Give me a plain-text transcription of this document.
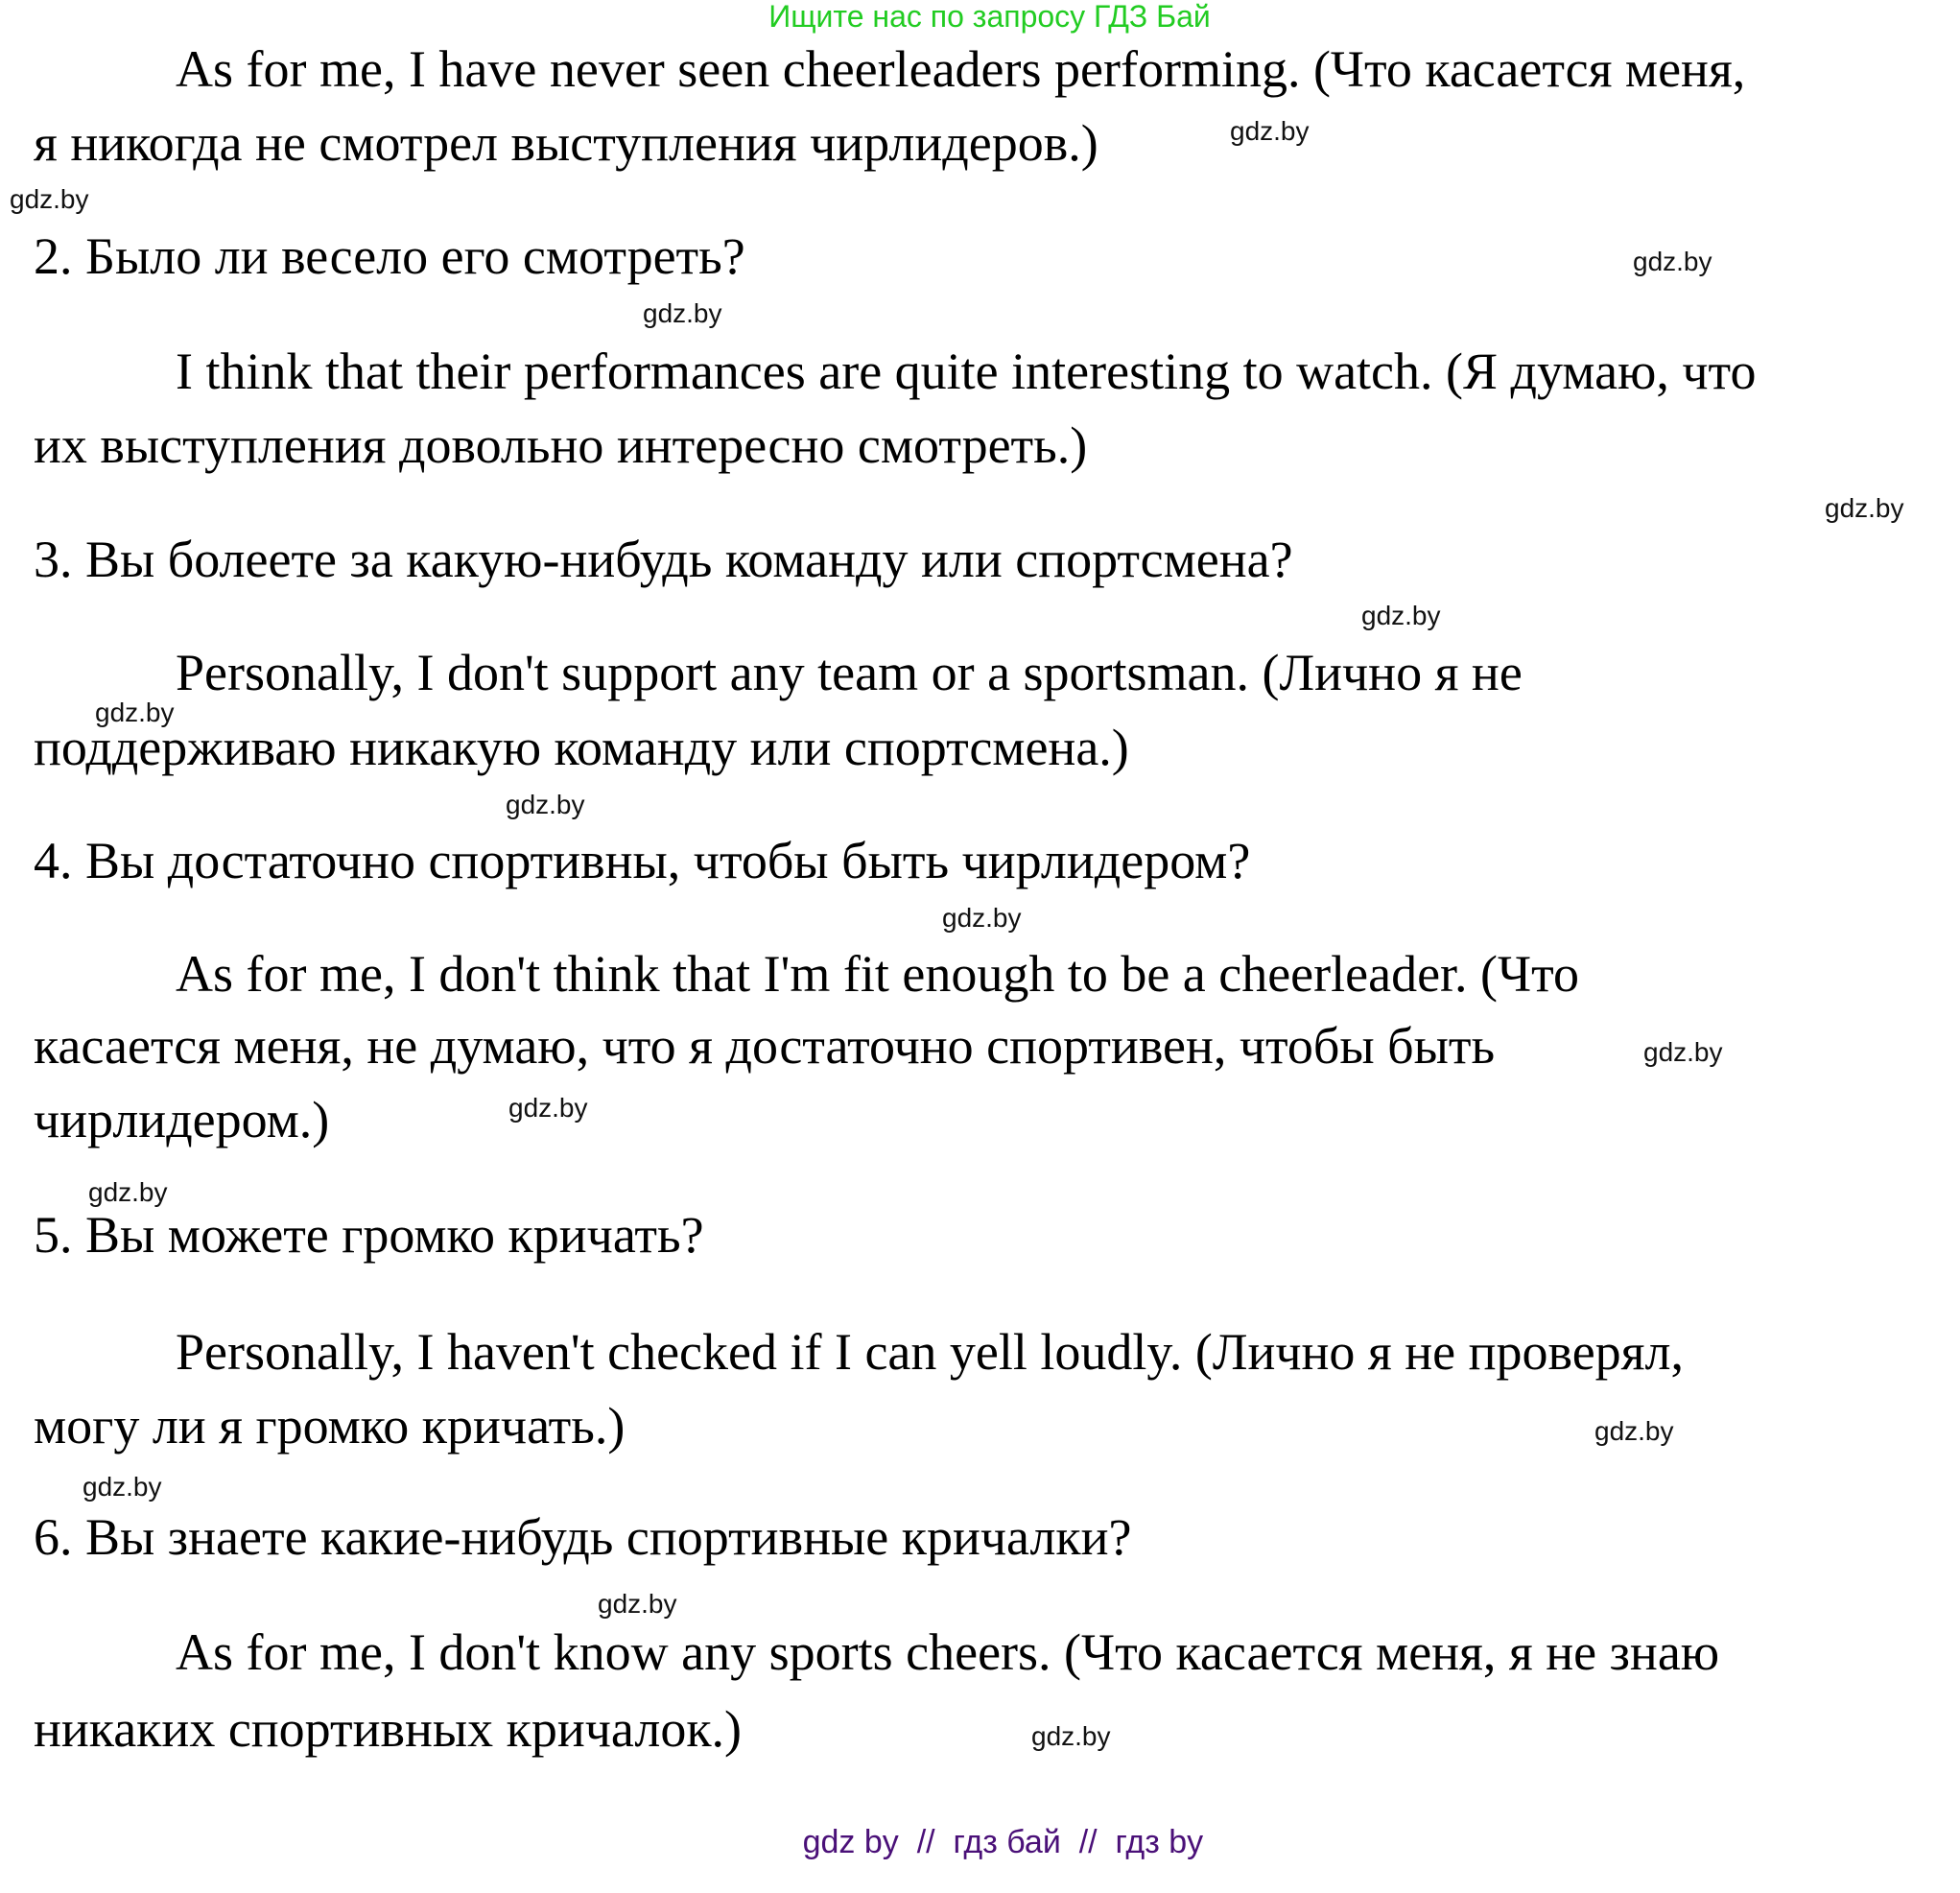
Ищите нас по запросу ГДЗ Бай
As for me, I have never seen cheerleaders performing. (Что касается меня,
я никогда не смотрел выступления чирлидеров.)
2. Было ли весело его смотреть?
I think that their performances are quite interesting to watch. (Я думаю, что
их выступления довольно интересно смотреть.)
3. Вы болеете за какую-нибудь команду или спортсмена?
Personally, I don't support any team or a sportsman. (Лично я не
поддерживаю никакую команду или спортсмена.)
4. Вы достаточно спортивны, чтобы быть чирлидером?
As for me, I don't think that I'm fit enough to be a cheerleader. (Что
касается меня, не думаю, что я достаточно спортивен, чтобы быть
чирлидером.)
5. Вы можете громко кричать?
Personally, I haven't checked if I can yell loudly. (Лично я не проверял,
могу ли я громко кричать.)
6. Вы знаете какие-нибудь спортивные кричалки?
As for me, I don't know any sports cheers. (Что касается меня, я не знаю
никаких спортивных кричалок.)
gdz.by
gdz.by
gdz.by
gdz.by
gdz.by
gdz.by
gdz.by
gdz.by
gdz.by
gdz.by
gdz.by
gdz.by
gdz.by
gdz.by
gdz.by
gdz.by

gdz by  //  гдз бай  //  гдз by
